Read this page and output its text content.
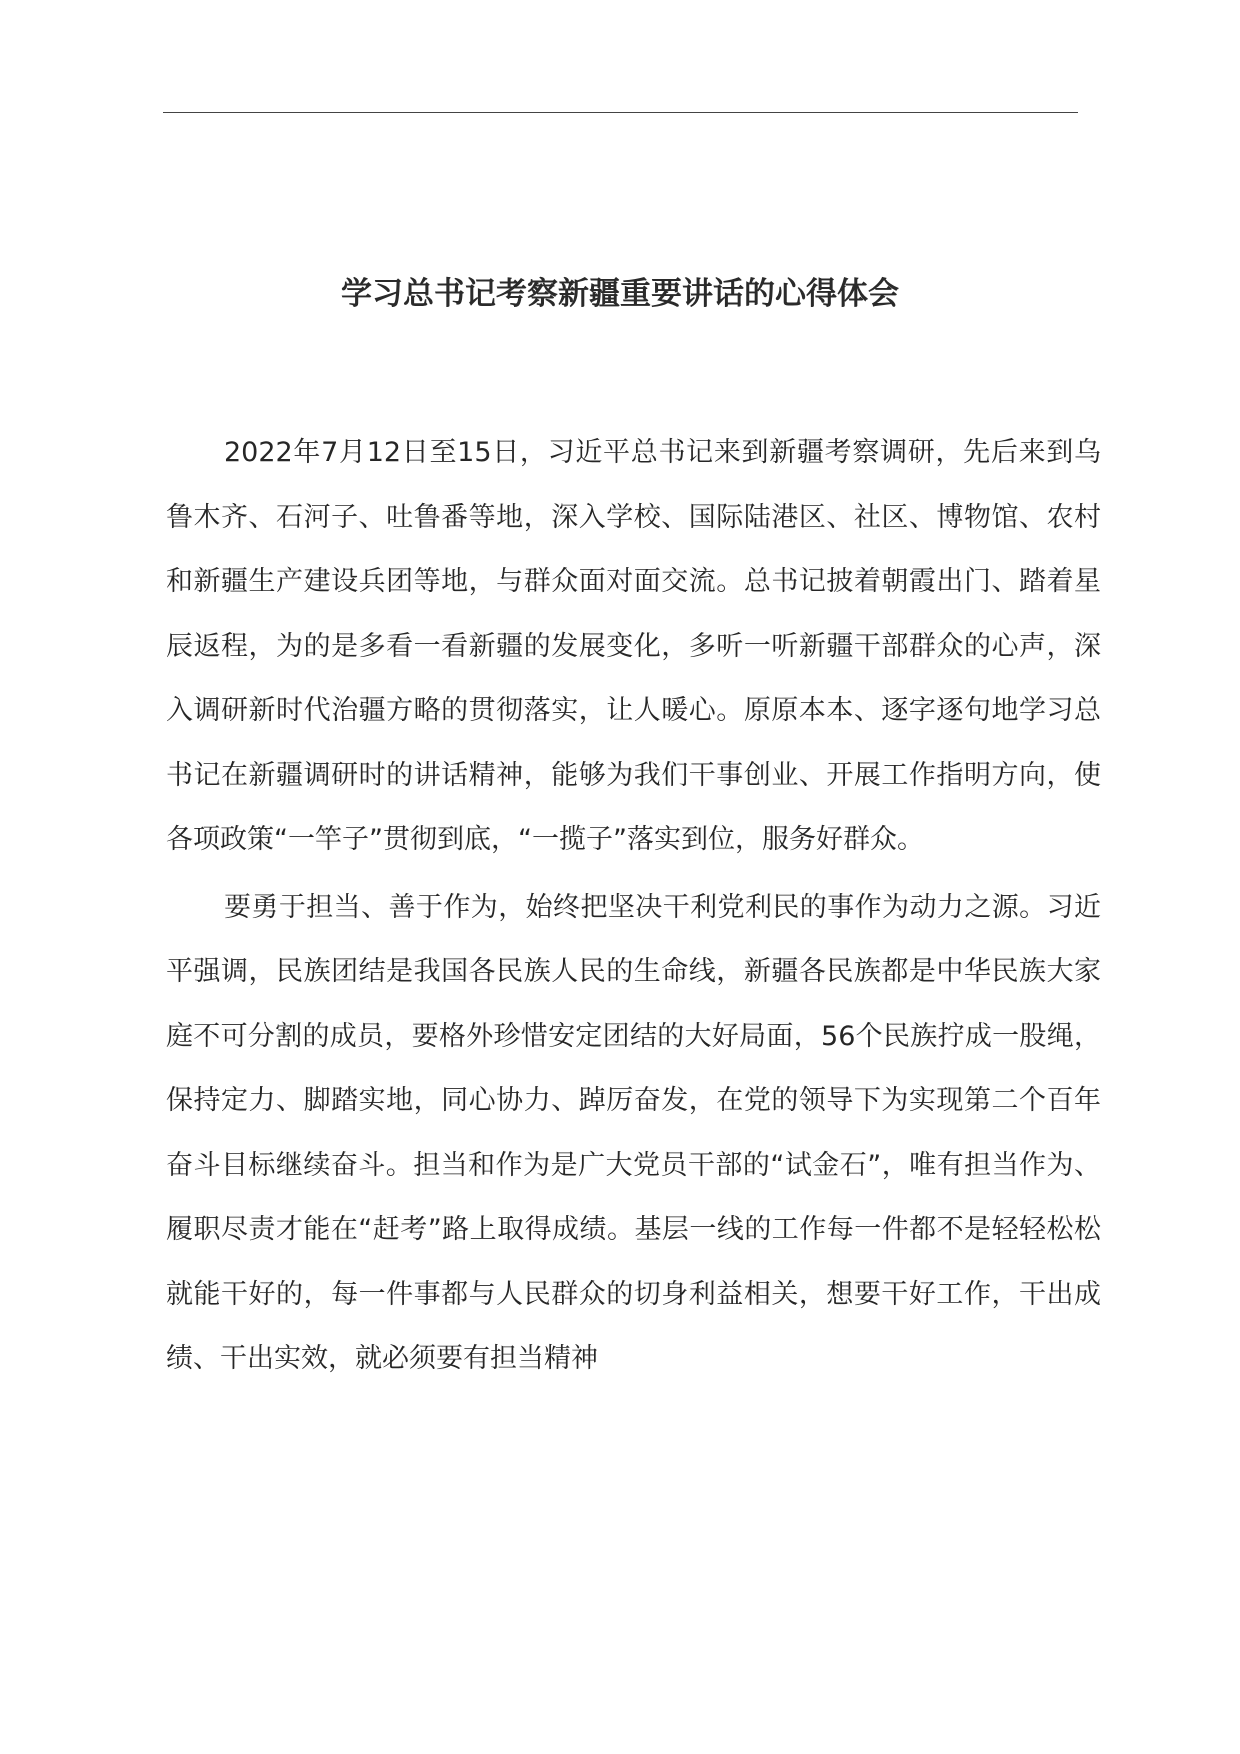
学习总书记考察新疆重要讲话的心得体会

2022年7月12日至15日，习近平总书记来到新疆考察调研，先后来到乌鲁木齐、石河子、吐鲁番等地，深入学校、国际陆港区、社区、博物馆、农村和新疆生产建设兵团等地，与群众面对面交流。总书记披着朝霞出门、踏着星辰返程，为的是多看一看新疆的发展变化，多听一听新疆干部群众的心声，深入调研新时代治疆方略的贯彻落实，让人暖心。原原本本、逐字逐句地学习总书记在新疆调研时的讲话精神，能够为我们干事创业、开展工作指明方向，使各项政策“一竿子”贯彻到底，“一揽子”落实到位，服务好群众。

要勇于担当、善于作为，始终把坚决干利党利民的事作为动力之源。习近平强调，民族团结是我国各民族人民的生命线，新疆各民族都是中华民族大家庭不可分割的成员，要格外珍惜安定团结的大好局面，56个民族拧成一股绳，保持定力、脚踏实地，同心协力、踔厉奋发，在党的领导下为实现第二个百年奋斗目标继续奋斗。担当和作为是广大党员干部的“试金石”，唯有担当作为、履职尽责才能在“赶考”路上取得成绩。基层一线的工作每一件都不是轻轻松松就能干好的，每一件事都与人民群众的切身利益相关，想要干好工作，干出成绩、干出实效，就必须要有担当精神
